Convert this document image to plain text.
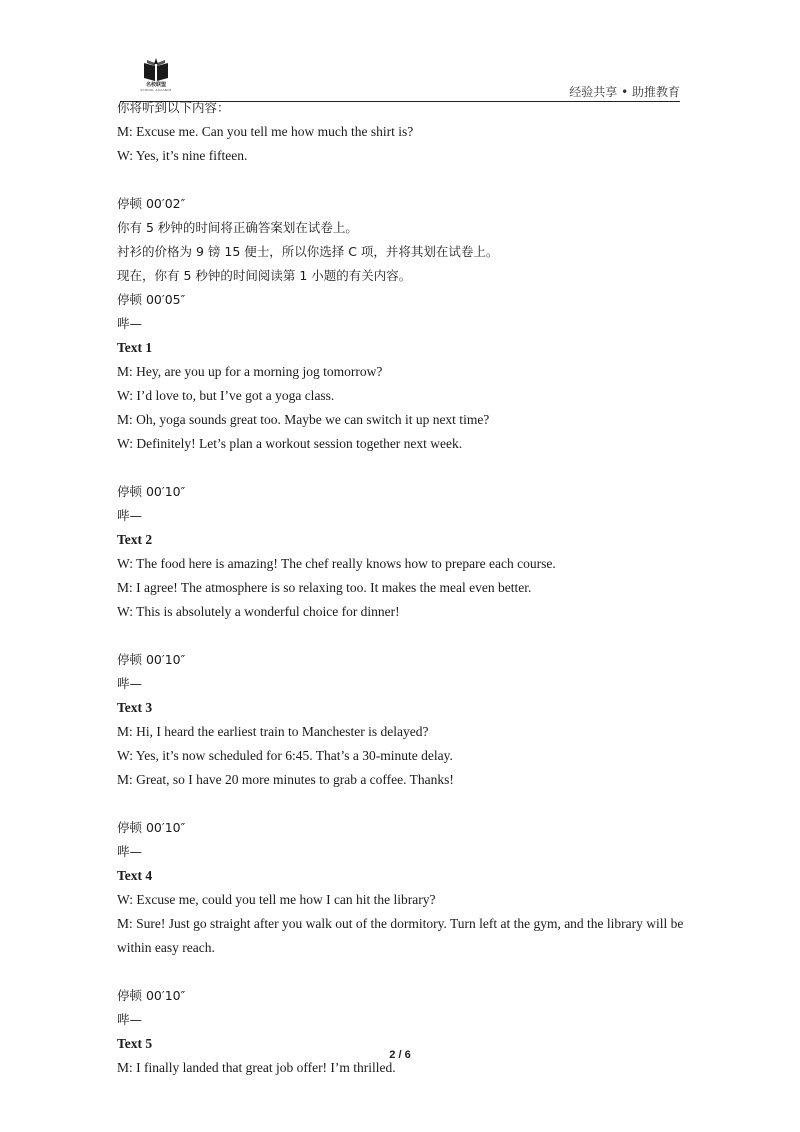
名校联盟
SCHOOL ALLIANCE	经验共享 • 助推教育
你将听到以下内容：
M: Excuse me. Can you tell me how much the shirt is?
W: Yes, it’s nine fifteen.
停顿 00′02″
你有 5 秒钟的时间将正确答案划在试卷上。
衬衫的价格为 9 镑 15 便士，所以你选择 C 项，并将其划在试卷上。
现在，你有 5 秒钟的时间阅读第 1 小题的有关内容。
停顿 00′05″
哔—
Text 1
M: Hey, are you up for a morning jog tomorrow?
W: I’d love to, but I’ve got a yoga class.
M: Oh, yoga sounds great too. Maybe we can switch it up next time?
W: Definitely! Let’s plan a workout session together next week.
停顿 00′10″
哔—
Text 2
W: The food here is amazing! The chef really knows how to prepare each course.
M: I agree! The atmosphere is so relaxing too. It makes the meal even better.
W: This is absolutely a wonderful choice for dinner!
停顿 00′10″
哔—
Text 3
M: Hi, I heard the earliest train to Manchester is delayed?
W: Yes, it’s now scheduled for 6:45. That’s a 30-minute delay.
M: Great, so I have 20 more minutes to grab a coffee. Thanks!
停顿 00′10″
哔—
Text 4
W: Excuse me, could you tell me how I can hit the library?
M: Sure! Just go straight after you walk out of the dormitory. Turn left at the gym, and the library will be within easy reach.
停顿 00′10″
哔—
Text 5
M: I finally landed that great job offer! I’m thrilled.
2 / 6
